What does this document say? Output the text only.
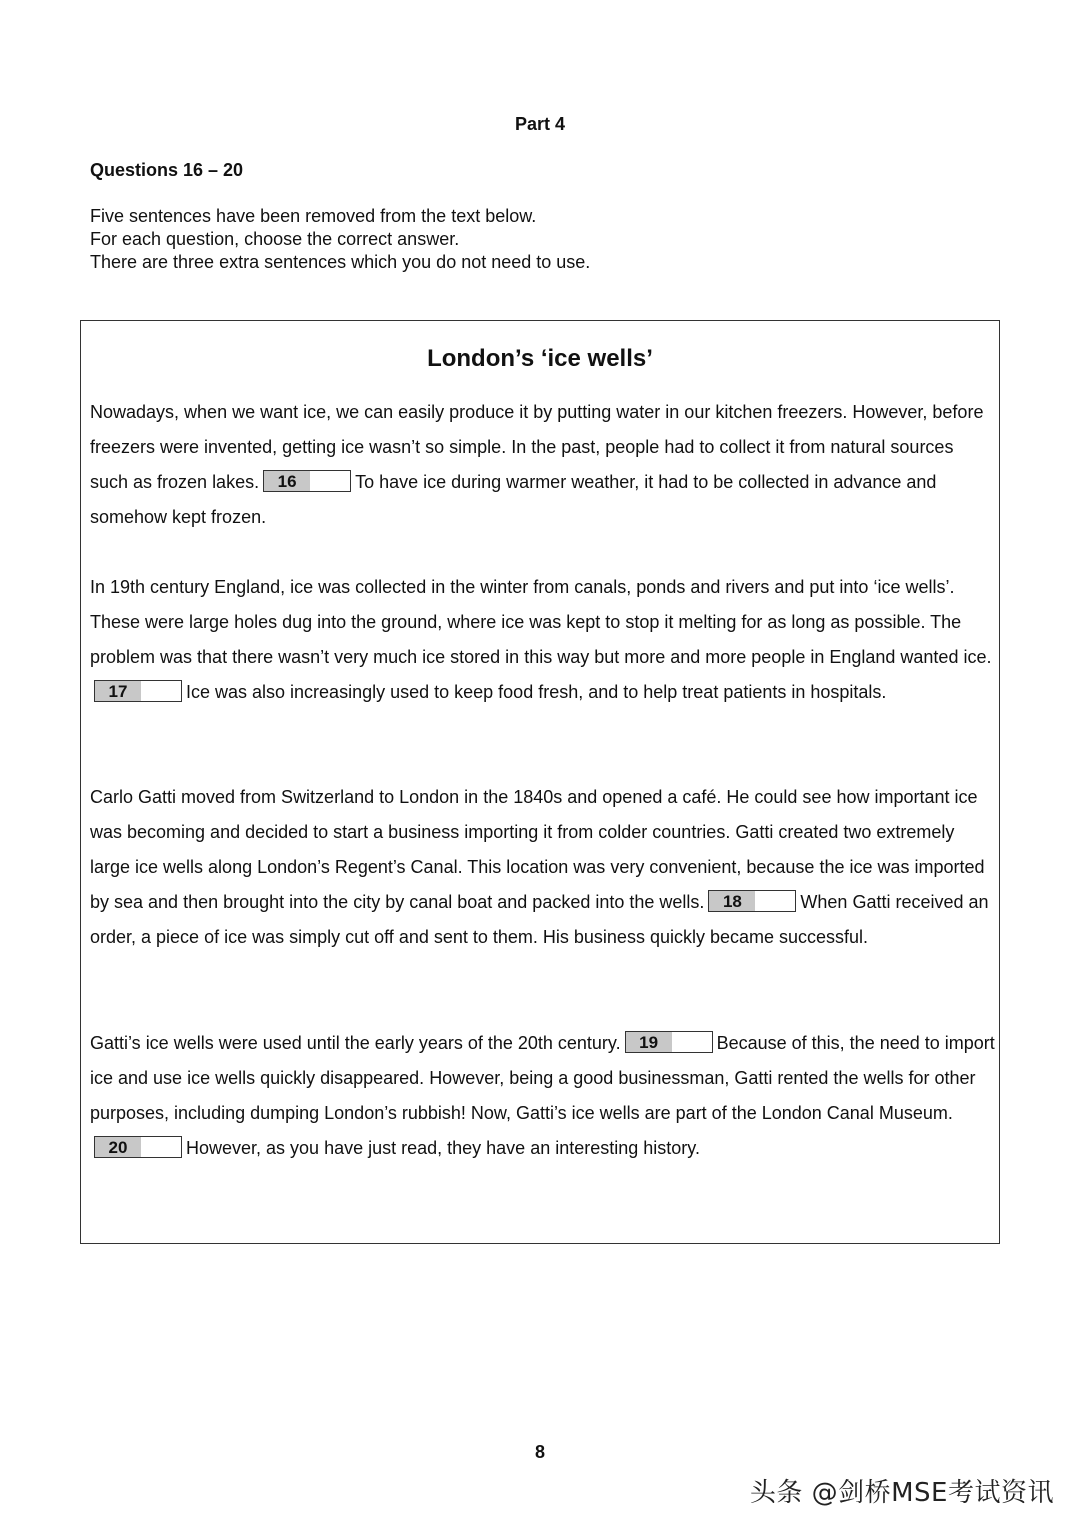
Part 4
Questions 16 – 20
Five sentences have been removed from the text below.
For each question, choose the correct answer.
There are three extra sentences which you do not need to use.
London’s ‘ice wells’
Nowadays, when we want ice, we can easily produce it by putting water in our kitchen freezers. However, before freezers were invented, getting ice wasn’t so simple. In the past, people had to collect it from natural sources such as frozen lakes.	16	To have ice during warmer weather, it had to be collected in advance and somehow kept frozen.
In 19th century England, ice was collected in the winter from canals, ponds and rivers and put into ‘ice wells’. These were large holes dug into the ground, where ice was kept to stop it melting for as long as possible. The problem was that there wasn’t very much ice stored in this way but more and more people in England wanted ice.
17	Ice was also increasingly used to keep food fresh, and to help treat patients in hospitals.
Carlo Gatti moved from Switzerland to London in the 1840s and opened a café. He could see how important ice was becoming and decided to start a business importing it from colder countries. Gatti created two extremely large ice wells along London’s Regent’s Canal. This location was very convenient, because the ice was imported by sea and then brought into the city by canal boat and packed into the wells.	18	When Gatti received an order, a piece of ice was simply cut off and sent to them. His business quickly became successful.
Gatti’s ice wells were used until the early years of the 20th century.	19	Because of this, the need to import ice and use ice wells quickly disappeared. However, being a good businessman, Gatti rented the wells for other purposes, including dumping London’s rubbish! Now, Gatti’s ice wells are part of the London Canal Museum.
20	However, as you have just read, they have an interesting history.
8
头条 @剑桥MSE考试资讯
